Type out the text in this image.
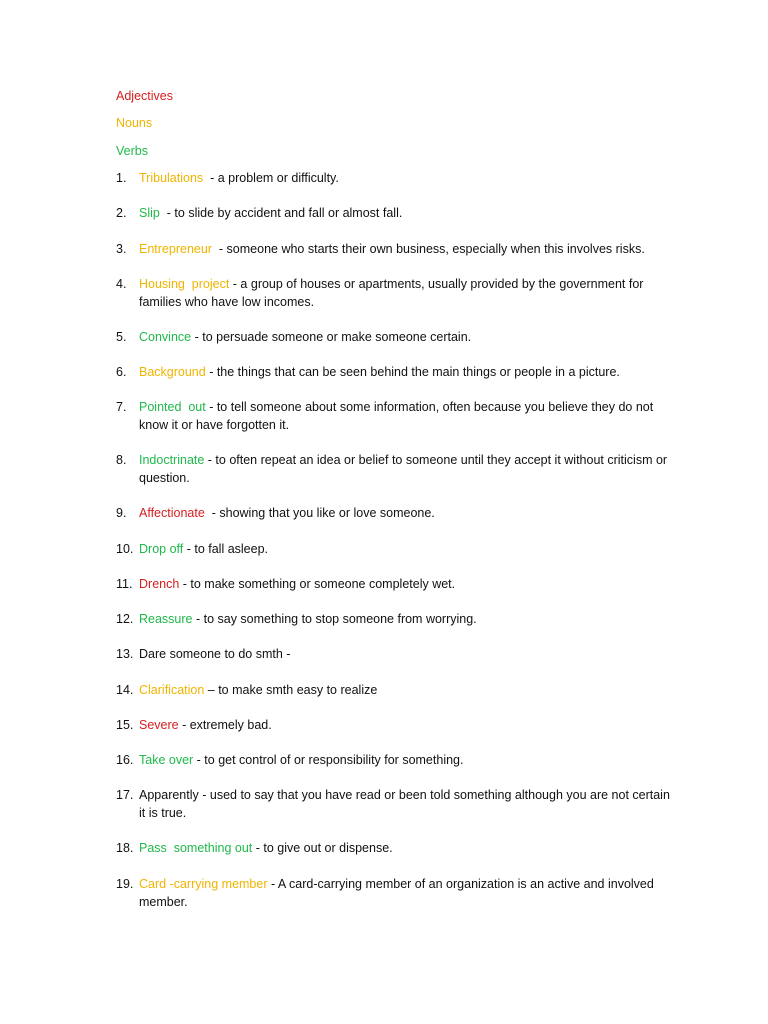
Adjectives
Nouns
Verbs
1.	Tribulations  - a problem or difficulty.
2.	Slip  - to slide by accident and fall or almost fall.
3.	Entrepreneur  - someone who starts their own business, especially when this involves risks.
4.	Housing  project - a group of houses or apartments, usually provided by the government for families who have low incomes.
5.	Convince - to persuade someone or make someone certain.
6.	Background - the things that can be seen behind the main things or people in a picture.
7.	Pointed  out - to tell someone about some information, often because you believe they do not know it or have forgotten it.
8.	Indoctrinate - to often repeat an idea or belief to someone until they accept it without criticism or question.
9.	Affectionate  - showing that you like or love someone.
10. Drop off - to fall asleep.
11. Drench - to make something or someone completely wet.
12. Reassure - to say something to stop someone from worrying.
13. Dare someone to do smth -
14. Clarification – to make smth easy to realize
15. Severe - extremely bad.
16. Take over - to get control of or responsibility for something.
17. Apparently - used to say that you have read or been told something although you are not certain it is true.
18. Pass  something out - to give out or dispense.
19. Card -carrying member - A card-carrying member of an organization is an active and involved member.
